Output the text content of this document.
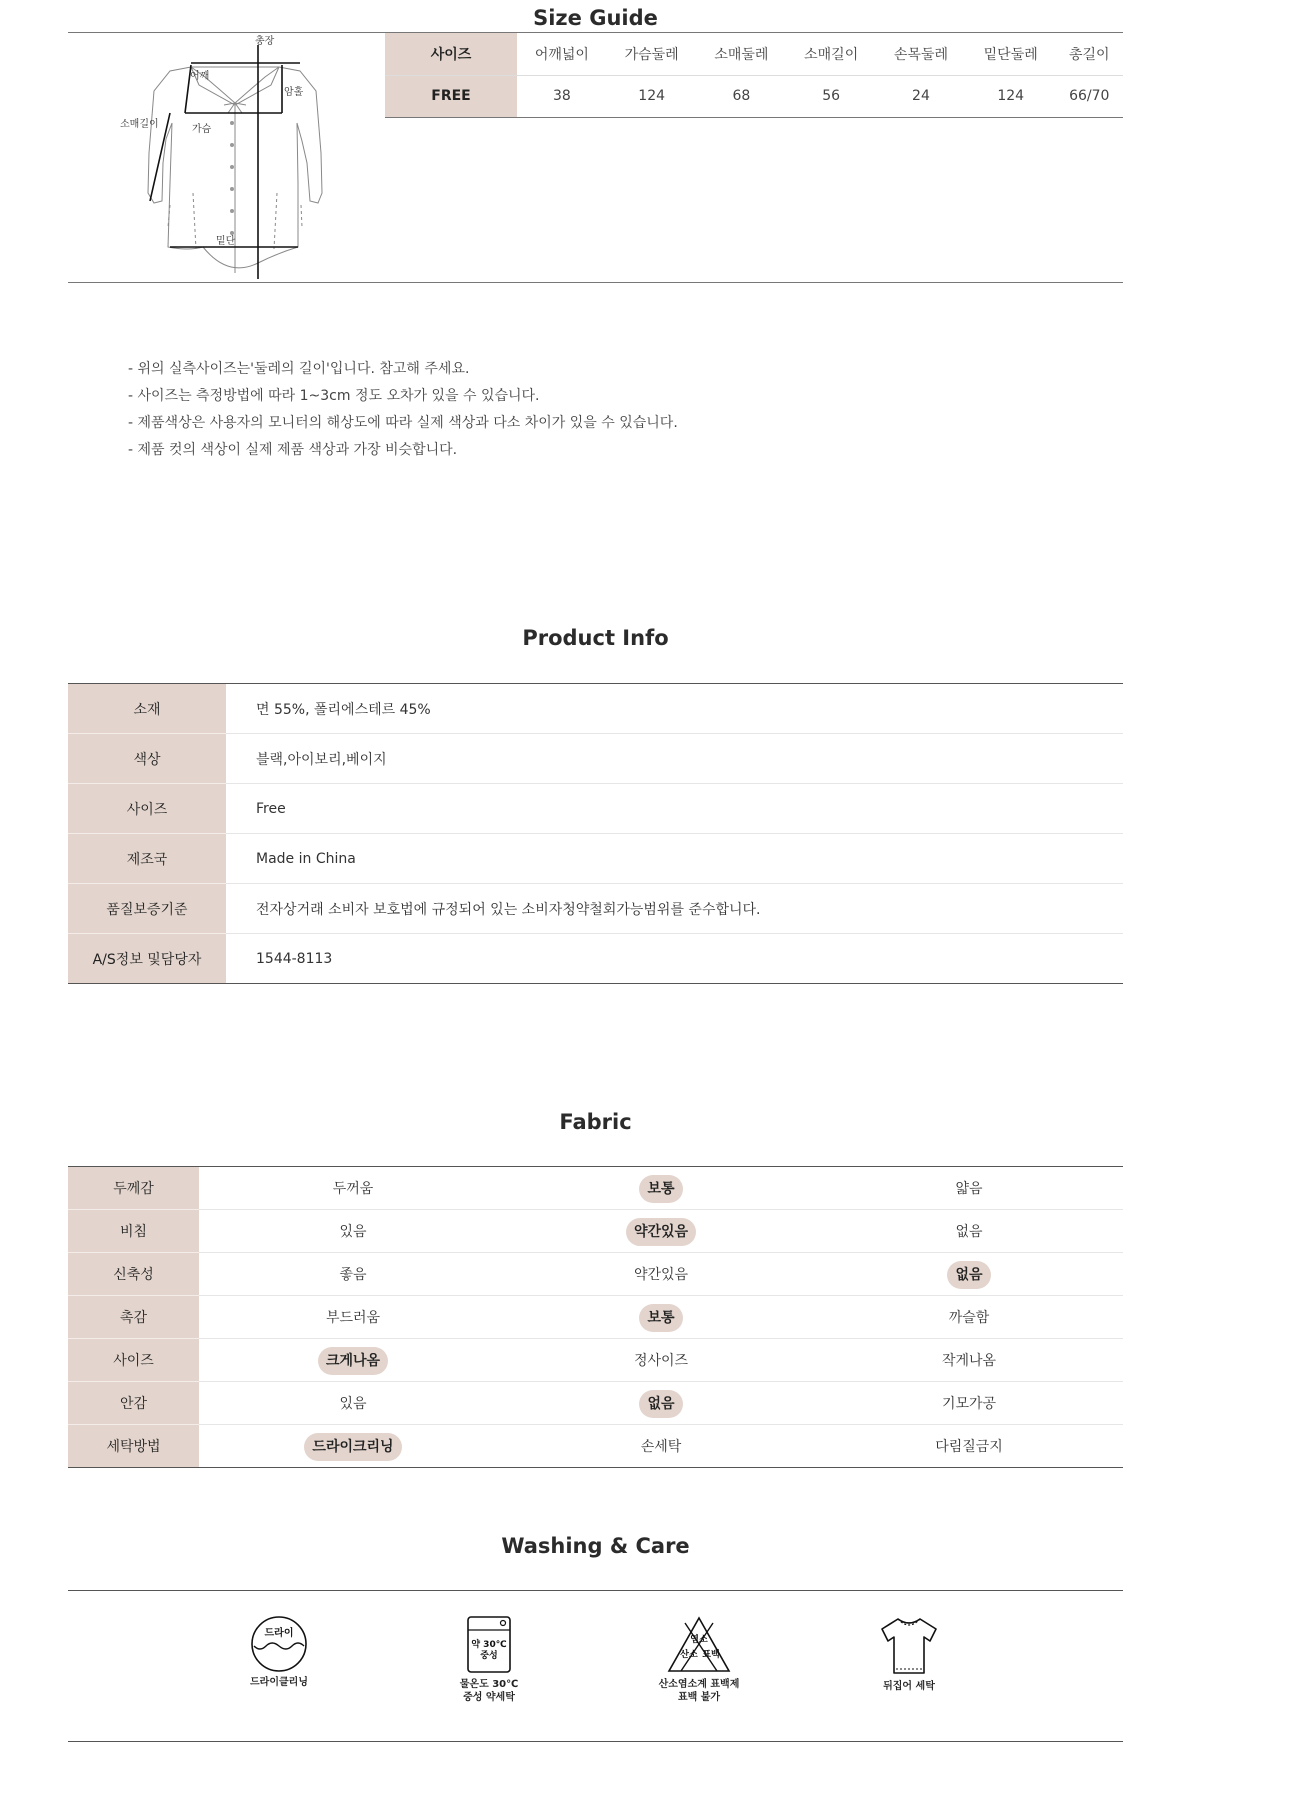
Size Guide
총장
어깨
암홀
소매길이	가슴
밑단
사이즈	어깨넓이	가슴둘레	소매둘레	소매길이	손목둘레	밑단둘레	총길이
FREE	38	124	68	56	24	124	66/70
- 위의 실측사이즈는'둘레의 길이'입니다. 참고해 주세요.
- 사이즈는 측정방법에 따라 1~3cm 정도 오차가 있을 수 있습니다.
- 제품색상은 사용자의 모니터의 해상도에 따라 실제 색상과 다소 차이가 있을 수 있습니다.
- 제품 컷의 색상이 실제 제품 색상과 가장 비슷합니다.
Product Info
소재	면 55%, 폴리에스테르 45%
색상	블랙,아이보리,베이지
사이즈	Free
제조국	Made in China
품질보증기준	전자상거래 소비자 보호법에 규정되어 있는 소비자청약철회가능범위를 준수합니다.
A/S정보 및담당자	1544-8113
Fabric
두께감	두꺼움	보통	얇음
비침	있음	약간있음	없음
신축성	좋음	약간있음	없음
촉감	부드러움	보통	까슬함
사이즈	크게나옴	정사이즈	작게나옴
안감	있음	없음	기모가공
세탁방법	드라이크리닝	손세탁	다림질금지
Washing & Care
드라이
드라이클리닝
약 30℃
중성
물온도 30℃
중성 약세탁
염소
산소 표백
산소염소계 표백제
표백 불가
뒤집어 세탁
